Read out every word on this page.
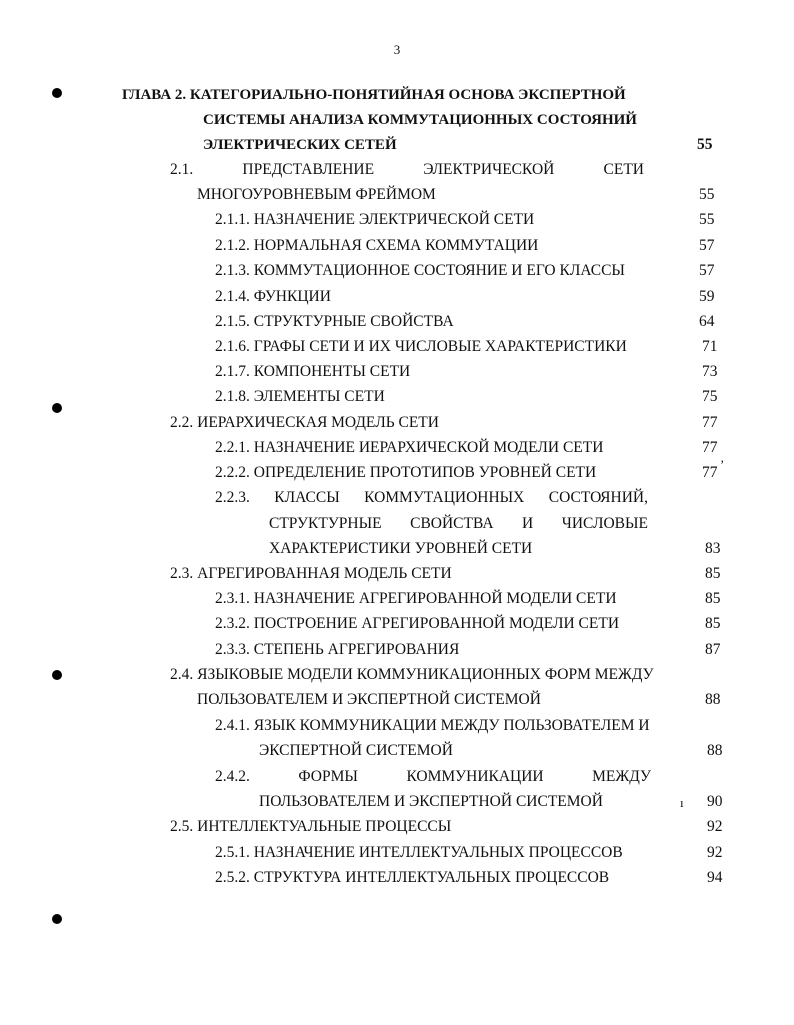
3
ГЛАВА 2. КАТЕГОРИАЛЬНО-ПОНЯТИЙНАЯ ОСНОВА ЭКСПЕРТНОЙ
СИСТЕМЫ АНАЛИЗА КОММУТАЦИОННЫХ СОСТОЯНИЙ
ЭЛЕКТРИЧЕСКИХ СЕТЕЙ	55
2.1.	ПРЕДСТАВЛЕНИЕ	ЭЛЕКТРИЧЕСКОЙ	СЕТИ
МНОГОУРОВНЕВЫМ ФРЕЙМОМ	55
2.1.1. НАЗНАЧЕНИЕ ЭЛЕКТРИЧЕСКОЙ СЕТИ	55
2.1.2. НОРМАЛЬНАЯ СХЕМА КОММУТАЦИИ	57
2.1.3. КОММУТАЦИОННОЕ СОСТОЯНИЕ И ЕГО КЛАССЫ	57
2.1.4. ФУНКЦИИ	59
2.1.5. СТРУКТУРНЫЕ СВОЙСТВА	64
2.1.6. ГРАФЫ СЕТИ И ИХ ЧИСЛОВЫЕ ХАРАКТЕРИСТИКИ	71
2.1.7. КОМПОНЕНТЫ СЕТИ	73
2.1.8. ЭЛЕМЕНТЫ СЕТИ	75
2.2. ИЕРАРХИЧЕСКАЯ МОДЕЛЬ СЕТИ	77
2.2.1. НАЗНАЧЕНИЕ ИЕРАРХИЧЕСКОЙ МОДЕЛИ СЕТИ	77
2.2.2. ОПРЕДЕЛЕНИЕ ПРОТОТИПОВ УРОВНЕЙ СЕТИ	77 ʼ
2.2.3. КЛАССЫ КОММУТАЦИОННЫХ СОСТОЯНИЙ,
СТРУКТУРНЫЕ СВОЙСТВА И ЧИСЛОВЫЕ
ХАРАКТЕРИСТИКИ УРОВНЕЙ СЕТИ	83
2.3. АГРЕГИРОВАННАЯ МОДЕЛЬ СЕТИ	85
2.3.1. НАЗНАЧЕНИЕ АГРЕГИРОВАННОЙ МОДЕЛИ СЕТИ	85
2.3.2. ПОСТРОЕНИЕ АГРЕГИРОВАННОЙ МОДЕЛИ СЕТИ	85
2.3.3. СТЕПЕНЬ АГРЕГИРОВАНИЯ	87
2.4. ЯЗЫКОВЫЕ МОДЕЛИ КОММУНИКАЦИОННЫХ ФОРМ МЕЖДУ
ПОЛЬЗОВАТЕЛЕМ И ЭКСПЕРТНОЙ СИСТЕМОЙ	88
2.4.1. ЯЗЫК КОММУНИКАЦИИ МЕЖДУ ПОЛЬЗОВАТЕЛЕМ И
ЭКСПЕРТНОЙ СИСТЕМОЙ	88
2.4.2.	ФОРМЫ	КОММУНИКАЦИИ	МЕЖДУ
ПОЛЬЗОВАТЕЛЕМ И ЭКСПЕРТНОЙ СИСТЕМОЙ	ı 90
2.5. ИНТЕЛЛЕКТУАЛЬНЫЕ ПРОЦЕССЫ	92
2.5.1. НАЗНАЧЕНИЕ ИНТЕЛЛЕКТУАЛЬНЫХ ПРОЦЕССОВ	92
2.5.2. СТРУКТУРА ИНТЕЛЛЕКТУАЛЬНЫХ ПРОЦЕССОВ	94
